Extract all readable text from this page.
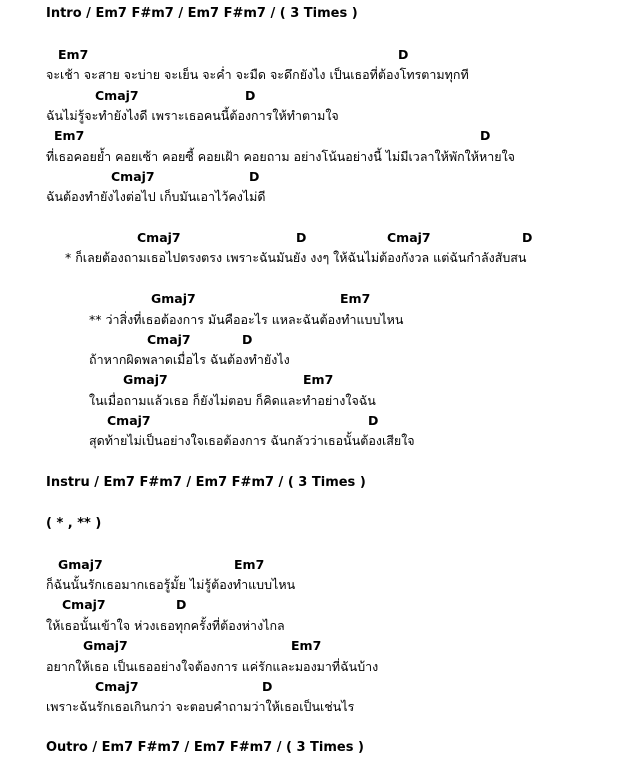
Intro / Em7 F#m7 / Em7 F#m7 / ( 3 Times )
Em7	D
จะเช้า จะสาย จะบ่าย จะเย็น จะค่ำ จะมืด จะดึกยังไง เป็นเธอที่ต้องโทรตามทุกที
Cmaj7	D
ฉันไม่รู้จะทำยังไงดี เพราะเธอคนนี้ต้องการให้ทำตามใจ
Em7	D
ที่เธอคอยย้ำ คอยเซ้า คอยซี้ คอยเฝ้า คอยถาม อย่างโน้นอย่างนี้ ไม่มีเวลาให้พักให้หายใจ
Cmaj7	D
ฉันต้องทำยังไงต่อไป เก็บมันเอาไว้คงไม่ดี
Cmaj7	D	Cmaj7	D
* ก็เลยต้องถามเธอไปตรงตรง เพราะฉันมันยัง งงๆ ให้ฉันไม่ต้องกังวล แต่ฉันกำลังสับสน
Gmaj7	Em7
** ว่าสิ่งที่เธอต้องการ มันคืออะไร แหละฉันต้องทำแบบไหน
Cmaj7	D
ถ้าหากผิดพลาดเมื่อไร ฉันต้องทำยังไง
Gmaj7	Em7
ในเมื่อถามแล้วเธอ ก็ยังไม่ตอบ ก็คิดและทำอย่างใจฉัน
Cmaj7	D
สุดท้ายไม่เป็นอย่างใจเธอต้องการ ฉันกลัวว่าเธอนั้นต้องเสียใจ
Instru / Em7 F#m7 / Em7 F#m7 / ( 3 Times )
( * , ** )
Gmaj7	Em7
ก็ฉันนั้นรักเธอมากเธอรู้มั้ย ไม่รู้ต้องทำแบบไหน
Cmaj7	D
ให้เธอนั้นเข้าใจ ห่วงเธอทุกครั้งที่ต้องห่างไกล
Gmaj7	Em7
อยากให้เธอ เป็นเธออย่างใจต้องการ แค่รักและมองมาที่ฉันบ้าง
Cmaj7	D
เพราะฉันรักเธอเกินกว่า จะตอบคำถามว่าให้เธอเป็นเช่นไร
Outro / Em7 F#m7 / Em7 F#m7 / ( 3 Times )
